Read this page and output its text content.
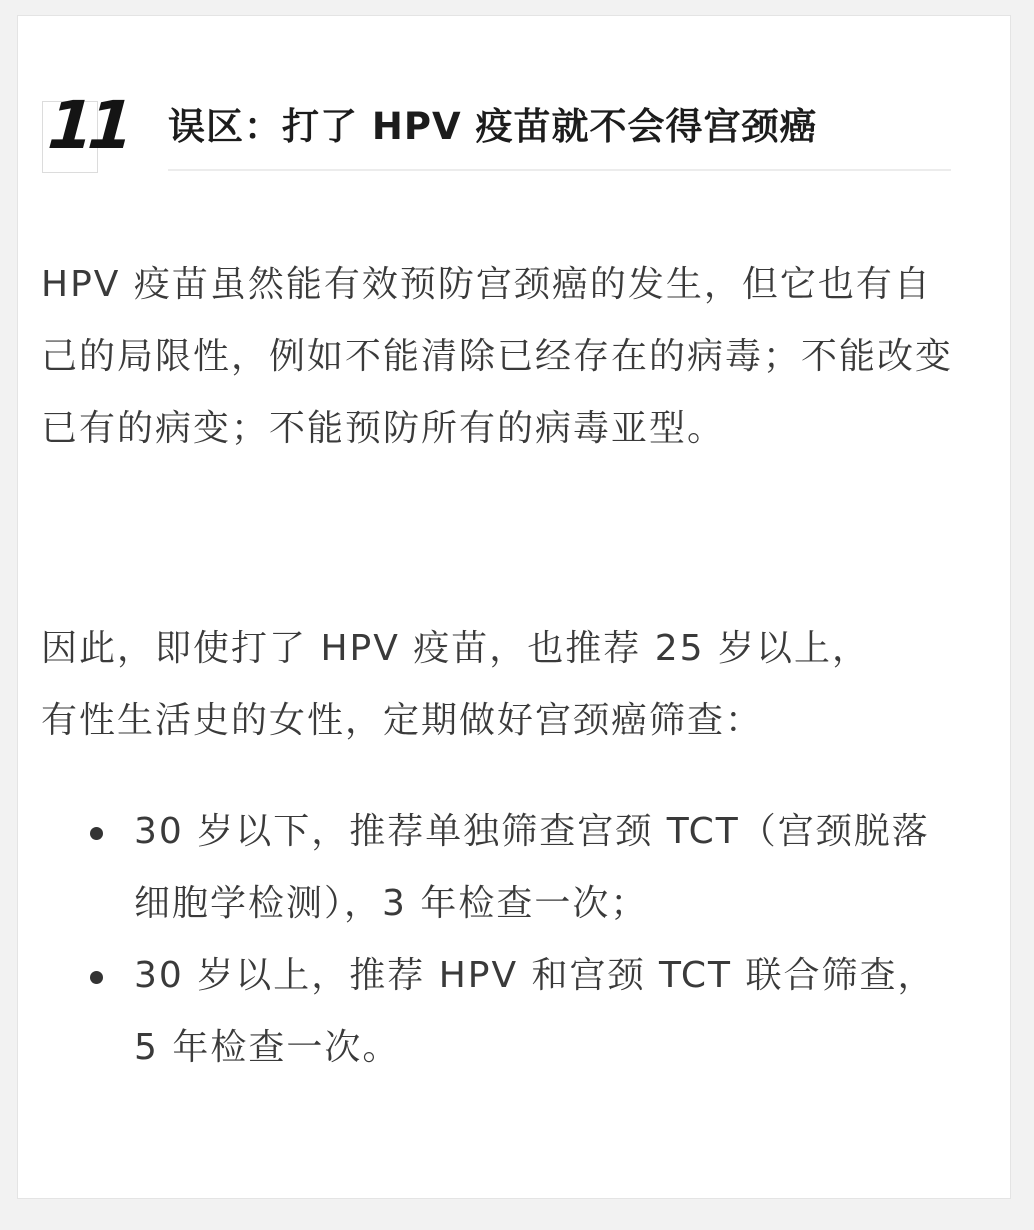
11 误区：打了 HPV 疫苗就不会得宫颈癌

HPV 疫苗虽然能有效预防宫颈癌的发生，但它也有自己的局限性，例如不能清除已经存在的病毒；不能改变已有的病变；不能预防所有的病毒亚型。

因此，即使打了 HPV 疫苗，也推荐 25 岁以上，有性生活史的女性，定期做好宫颈癌筛查：

30 岁以下，推荐单独筛查宫颈 TCT（宫颈脱落细胞学检测），3 年检查一次；
30 岁以上，推荐 HPV 和宫颈 TCT 联合筛查，5 年检查一次。
